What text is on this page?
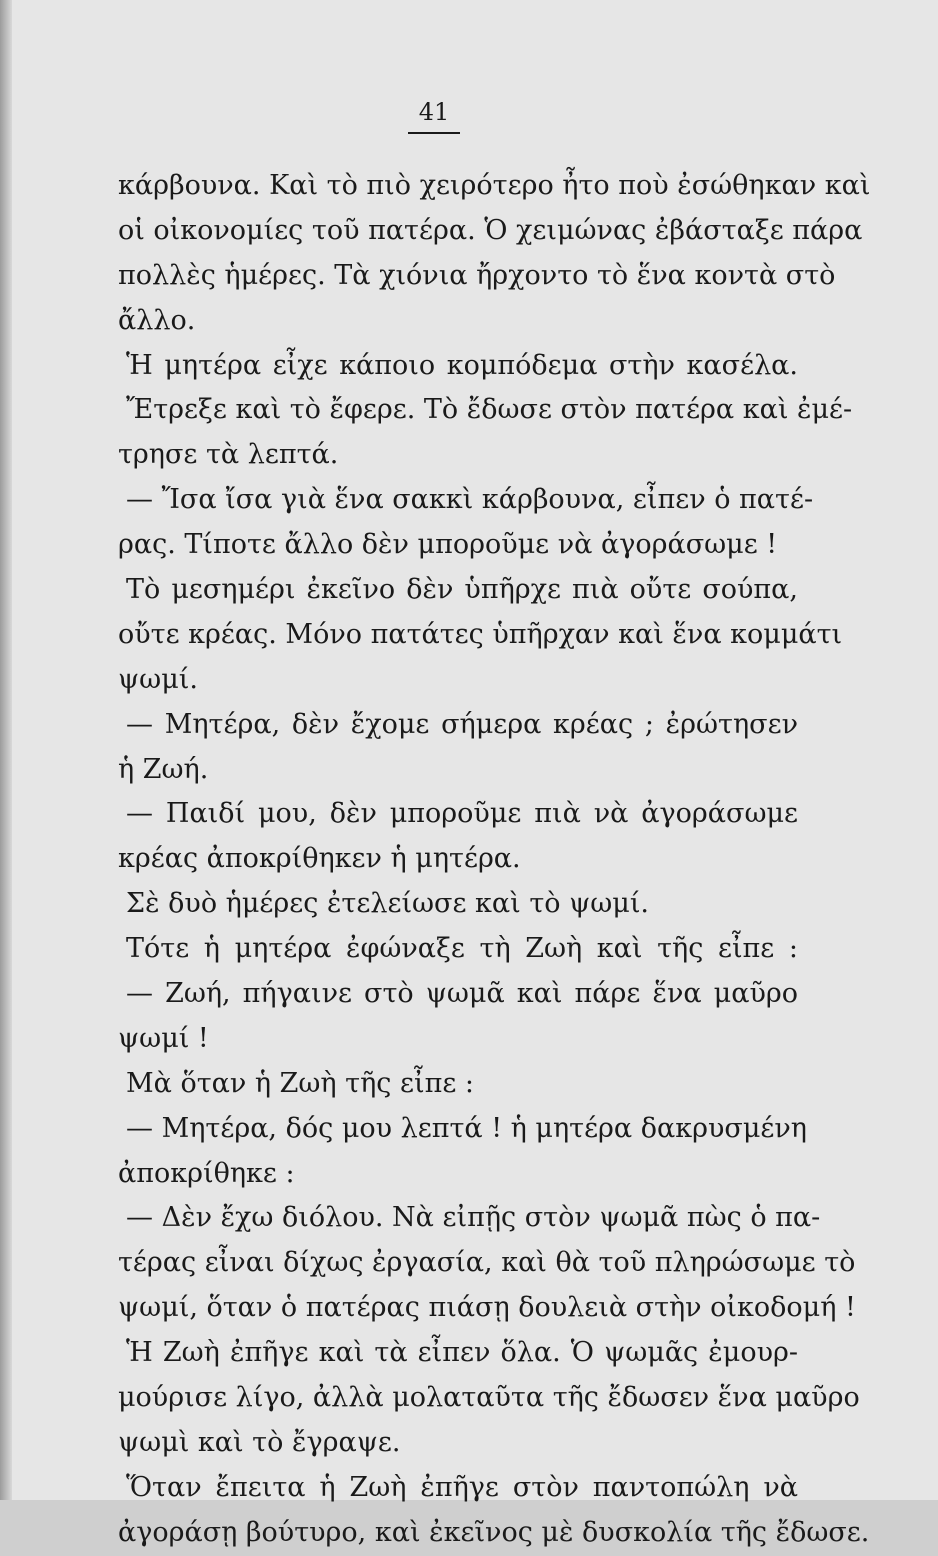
41
κάρβουνα. Καὶ τὸ πιὸ χειρότερο ἦτο ποὺ ἐσώθηκαν καὶ
οἱ οἰκονομίες τοῦ πατέρα. Ὁ χειμώνας ἐβάσταξε πάρα
πολλὲς ἡμέρες. Τὰ χιόνια ἤρχοντο τὸ ἕνα κοντὰ στὸ
ἄλλο.
Ἡ μητέρα εἶχε κάποιο κομπόδεμα στὴν κασέλα.
Ἔτρεξε καὶ τὸ ἔφερε. Τὸ ἔδωσε στὸν πατέρα καὶ ἐμέ-
τρησε τὰ λεπτά.
— Ἴσα ἴσα γιὰ ἕνα σακκὶ κάρβουνα, εἶπεν ὁ πατέ-
ρας. Τίποτε ἄλλο δὲν μποροῦμε νὰ ἀγοράσωμε !
Τὸ μεσημέρι ἐκεῖνο δὲν ὑπῆρχε πιὰ οὔτε σούπα,
οὔτε κρέας. Μόνο πατάτες ὑπῆρχαν καὶ ἕνα κομμάτι
ψωμί.
— Μητέρα, δὲν ἔχομε σήμερα κρέας ; ἐρώτησεν
ἡ Ζωή.
— Παιδί μου, δὲν μποροῦμε πιὰ νὰ ἀγοράσωμε
κρέας ἀποκρίθηκεν ἡ μητέρα.
Σὲ δυὸ ἡμέρες ἐτελείωσε καὶ τὸ ψωμί.
Τότε ἡ μητέρα ἐφώναξε τὴ Ζωὴ καὶ τῆς εἶπε :
— Ζωή, πήγαινε στὸ ψωμᾶ καὶ πάρε ἕνα μαῦρο
ψωμί !
Μὰ ὅταν ἡ Ζωὴ τῆς εἶπε :
— Μητέρα, δός μου λεπτά ! ἡ μητέρα δακρυσμένη
ἀποκρίθηκε :
— Δὲν ἔχω διόλου. Νὰ εἰπῇς στὸν ψωμᾶ πὼς ὁ πα-
τέρας εἶναι δίχως ἐργασία, καὶ θὰ τοῦ πληρώσωμε τὸ
ψωμί, ὅταν ὁ πατέρας πιάσῃ δουλειὰ στὴν οἰκοδομή !
Ἡ Ζωὴ ἐπῆγε καὶ τὰ εἶπεν ὅλα. Ὁ ψωμᾶς ἐμουρ-
μούρισε λίγο, ἀλλὰ μολαταῦτα τῆς ἔδωσεν ἕνα μαῦρο
ψωμὶ καὶ τὸ ἔγραψε.
Ὅταν ἔπειτα ἡ Ζωὴ ἐπῆγε στὸν παντοπώλη νὰ
ἀγοράσῃ βούτυρο, καὶ ἐκεῖνος μὲ δυσκολία τῆς ἔδωσε.
